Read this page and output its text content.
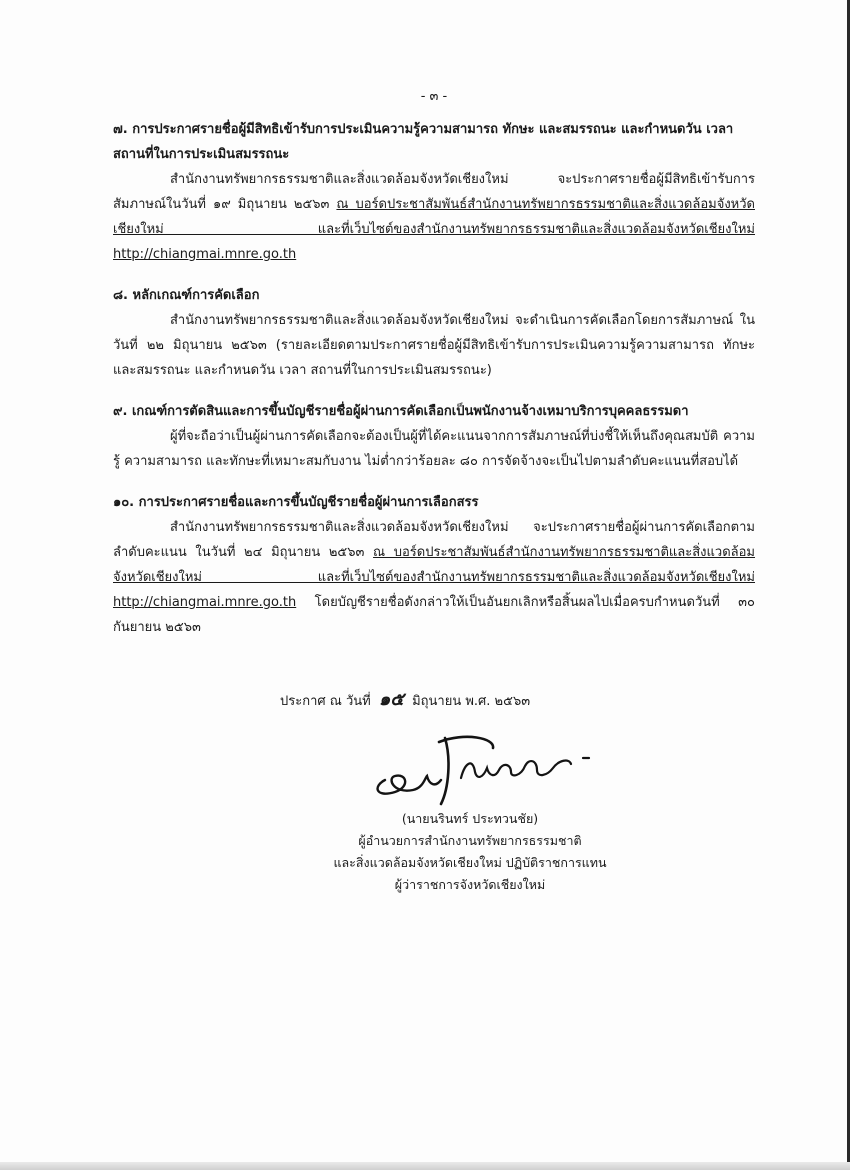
- ๓ -

๗. การประกาศรายชื่อผู้มีสิทธิเข้ารับการประเมินความรู้ความสามารถ ทักษะ และสมรรถนะ และกำหนดวัน เวลา สถานที่ในการประเมินสมรรถนะ

สำนักงานทรัพยากรธรรมชาติและสิ่งแวดล้อมจังหวัดเชียงใหม่ จะประกาศรายชื่อผู้มีสิทธิเข้ารับการสัมภาษณ์ในวันที่ ๑๙ มิถุนายน ๒๕๖๓ ณ บอร์ดประชาสัมพันธ์สำนักงานทรัพยากรธรรมชาติและสิ่งแวดล้อมจังหวัดเชียงใหม่ และที่เว็บไซต์ของสำนักงานทรัพยากรธรรมชาติและสิ่งแวดล้อมจังหวัดเชียงใหม่ http://chiangmai.mnre.go.th

๘. หลักเกณฑ์การคัดเลือก

สำนักงานทรัพยากรธรรมชาติและสิ่งแวดล้อมจังหวัดเชียงใหม่ จะดำเนินการคัดเลือกโดยการสัมภาษณ์ ในวันที่ ๒๒ มิถุนายน ๒๕๖๓ (รายละเอียดตามประกาศรายชื่อผู้มีสิทธิเข้ารับการประเมินความรู้ความสามารถ ทักษะ และสมรรถนะ และกำหนดวัน เวลา สถานที่ในการประเมินสมรรถนะ)

๙. เกณฑ์การตัดสินและการขึ้นบัญชีรายชื่อผู้ผ่านการคัดเลือกเป็นพนักงานจ้างเหมาบริการบุคคลธรรมดา

ผู้ที่จะถือว่าเป็นผู้ผ่านการคัดเลือกจะต้องเป็นผู้ที่ได้คะแนนจากการสัมภาษณ์ที่บ่งชี้ให้เห็นถึงคุณสมบัติ ความรู้ ความสามารถ และทักษะที่เหมาะสมกับงาน ไม่ต่ำกว่าร้อยละ ๘๐ การจัดจ้างจะเป็นไปตามลำดับคะแนนที่สอบได้

๑๐. การประกาศรายชื่อและการขึ้นบัญชีรายชื่อผู้ผ่านการเลือกสรร

สำนักงานทรัพยากรธรรมชาติและสิ่งแวดล้อมจังหวัดเชียงใหม่ จะประกาศรายชื่อผู้ผ่านการคัดเลือกตามลำดับคะแนน ในวันที่ ๒๔ มิถุนายน ๒๕๖๓ ณ บอร์ดประชาสัมพันธ์สำนักงานทรัพยากรธรรมชาติและสิ่งแวดล้อมจังหวัดเชียงใหม่ และที่เว็บไซต์ของสำนักงานทรัพยากรธรรมชาติและสิ่งแวดล้อมจังหวัดเชียงใหม่ http://chiangmai.mnre.go.th โดยบัญชีรายชื่อดังกล่าวให้เป็นอันยกเลิกหรือสิ้นผลไปเมื่อครบกำหนดวันที่ ๓๐ กันยายน ๒๕๖๓

ประกาศ ณ วันที่ ๑๕ มิถุนายน พ.ศ. ๒๕๖๓

(นายนรินทร์ ประทวนชัย)

ผู้อำนวยการสำนักงานทรัพยากรธรรมชาติ

และสิ่งแวดล้อมจังหวัดเชียงใหม่ ปฏิบัติราชการแทน

ผู้ว่าราชการจังหวัดเชียงใหม่
